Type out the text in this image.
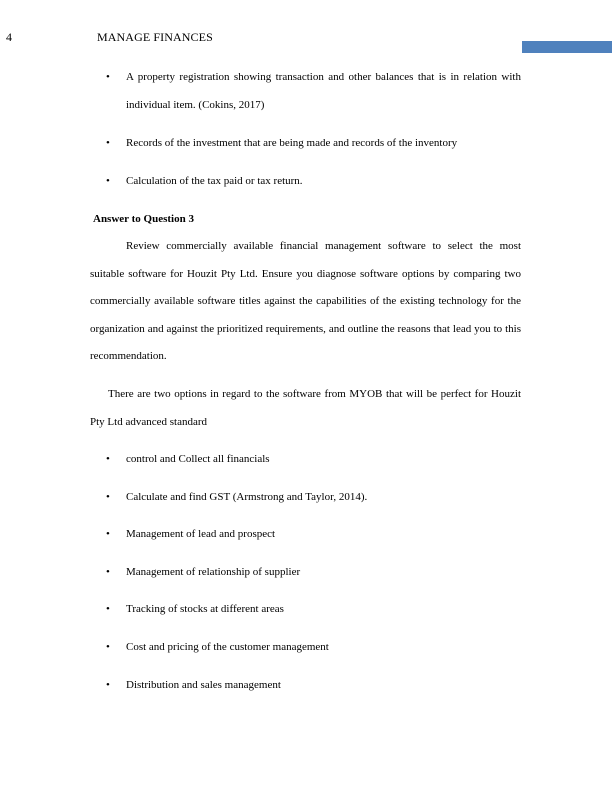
4	MANAGE FINANCES
• A property registration showing transaction and other balances that is in relation with individual item. (Cokins, 2017)
• Records of the investment that are being made and records of the inventory
• Calculation of the tax paid or tax return.
Answer to Question 3
Review commercially available financial management software to select the most suitable software for Houzit Pty Ltd. Ensure you diagnose software options by comparing two commercially available software titles against the capabilities of the existing technology for the organization and against the prioritized requirements, and outline the reasons that lead you to this recommendation.
There are two options in regard to the software from MYOB that will be perfect for Houzit Pty Ltd advanced standard
• control and Collect all financials
• Calculate and find GST (Armstrong and Taylor, 2014).
• Management of lead and prospect
• Management of relationship of supplier
• Tracking of stocks at different areas
• Cost and pricing of the customer management
• Distribution and sales management
